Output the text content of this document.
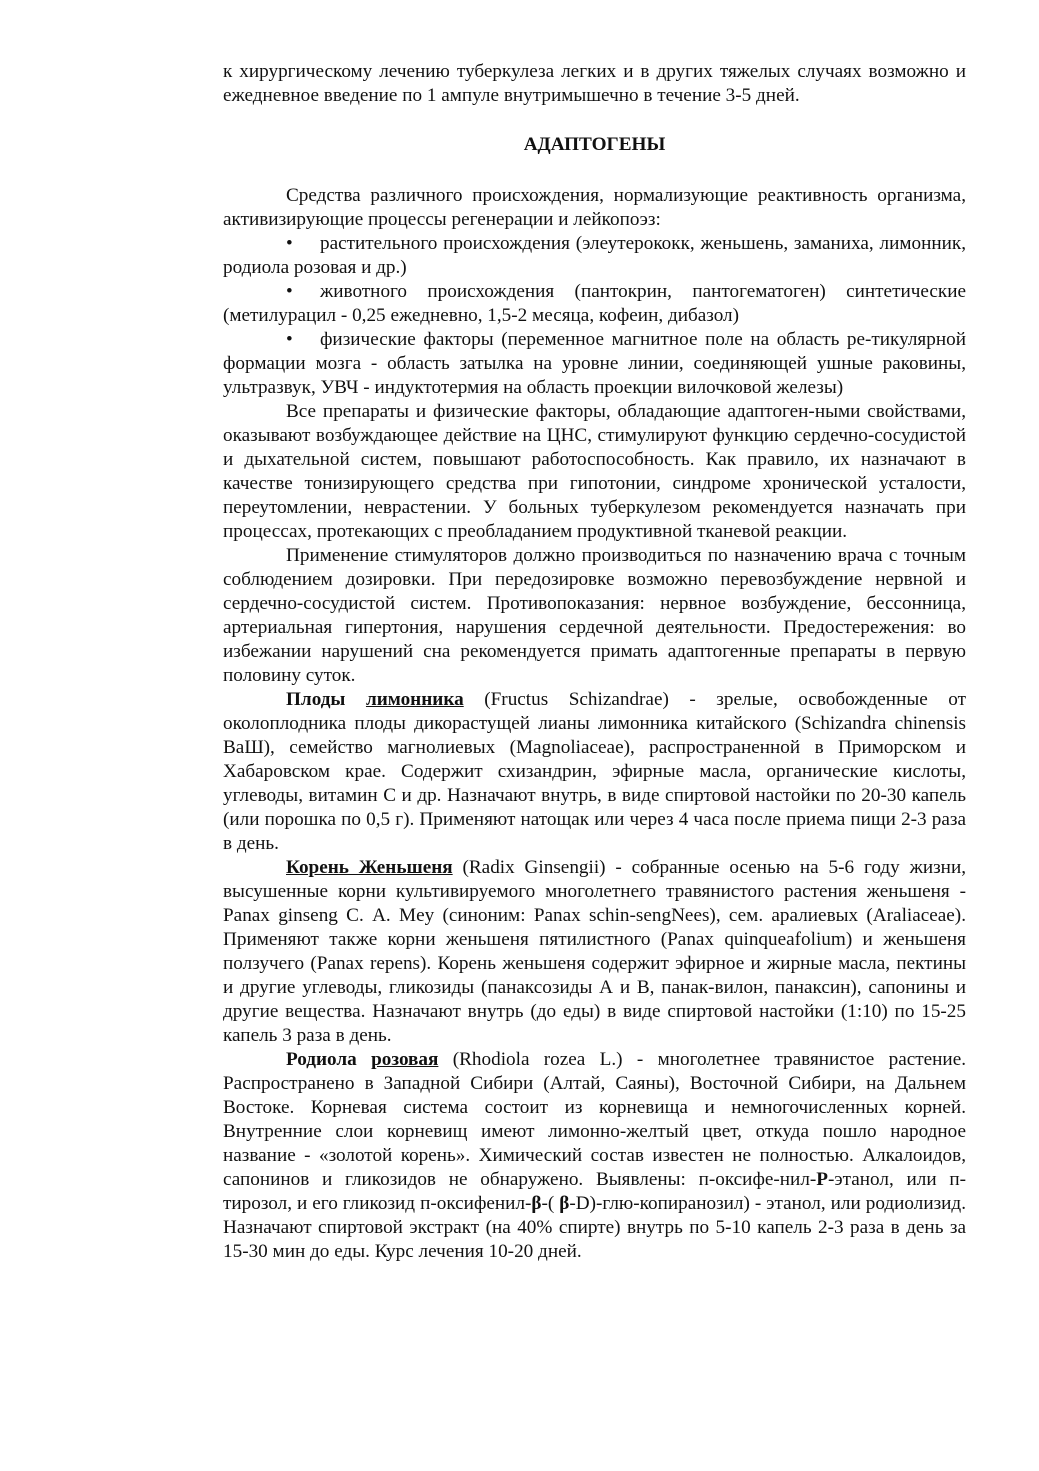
к хирургическому лечению туберкулеза легких и в других тяжелых случаях возможно и ежедневное введение по 1 ампуле внутримышечно в течение 3-5 дней.

АДАПТОГЕНЫ

Средства различного происхождения, нормализующие реактивность организма, активизирующие процессы регенерации и лейкопоэз:

• растительного происхождения (элеутерококк, женьшень, заманиха, лимонник, родиола розовая и др.)

• животного происхождения (пантокрин, пантогематоген) синтетические (метилурацил - 0,25 ежедневно, 1,5-2 месяца, кофеин, дибазол)

• физические факторы (переменное магнитное поле на область ре-тикулярной формации мозга - область затылка на уровне линии, соединяющей ушные раковины, ультразвук, УВЧ - индуктотермия на область проекции вилочковой железы)

Все препараты и физические факторы, обладающие адаптоген-ными свойствами, оказывают возбуждающее действие на ЦНС, стимулируют функцию сердечно-сосудистой и дыхательной систем, повышают работоспособность. Как правило, их назначают в качестве тонизирующего средства при гипотонии, синдроме хронической усталости, переутомлении, неврастении. У больных туберкулезом рекомендуется назначать при процессах, протекающих с преобладанием продуктивной тканевой реакции.

Применение стимуляторов должно производиться по назначению врача с точным соблюдением дозировки. При передозировке возможно перевозбуждение нервной и сердечно-сосудистой систем. Противопоказания: нервное возбуждение, бессонница, артериальная гипертония, нарушения сердечной деятельности. Предостережения: во избежании нарушений сна рекомендуется примать адаптогенные препараты в первую половину суток.

Плоды лимонника (Fructus Schizandrae) - зрелые, освобожденные от околоплодника плоды дикорастущей лианы лимонника китайского (Schizandra chinensis ВаШ), семейство магнолиевых (Magnoliaceae), распространенной в Приморском и Хабаровском крае. Содержит схизандрин, эфирные масла, органические кислоты, углеводы, витамин С и др. Назначают внутрь, в виде спиртовой настойки по 20-30 капель (или порошка по 0,5 г). Применяют натощак или через 4 часа после приема пищи 2-3 раза в день.

Корень Женьшеня (Radix Ginsengii) - собранные осенью на 5-6 году жизни, высушенные корни культивируемого многолетнего травянистого растения женьшеня - Panax ginseng С. А. Mey (синоним: Panax schin-sengNees), сем. аралиевых (Araliaceae). Применяют также корни женьшеня пятилистного (Panax quinqueafolium) и женьшеня ползучего (Panax repens). Корень женьшеня содержит эфирное и жирные масла, пектины и другие углеводы, гликозиды (панаксозиды А и В, панак-вилон, панаксин), сапонины и другие вещества. Назначают внутрь (до еды) в виде спиртовой настойки (1:10) по 15-25 капель 3 раза в день.

Родиола розовая (Rhodiola rozea L.) - многолетнее травянистое растение. Распространено в Западной Сибири (Алтай, Саяны), Восточной Сибири, на Дальнем Востоке. Корневая система состоит из корневища и немногочисленных корней. Внутренние слои корневищ имеют лимонно-желтый цвет, откуда пошло народное название - «золотой корень». Химический состав известен не полностью. Алкалоидов, сапонинов и гликозидов не обнаружено. Выявлены: п-оксифе-нил-Р-этанол, или п-тирозол, и его гликозид п-оксифенил-β-( β-D)-глю-копиранозил) - этанол, или родиолизид. Назначают спиртовой экстракт (на 40% спирте) внутрь по 5-10 капель 2-3 раза в день за 15-30 мин до еды. Курс лечения 10-20 дней.
